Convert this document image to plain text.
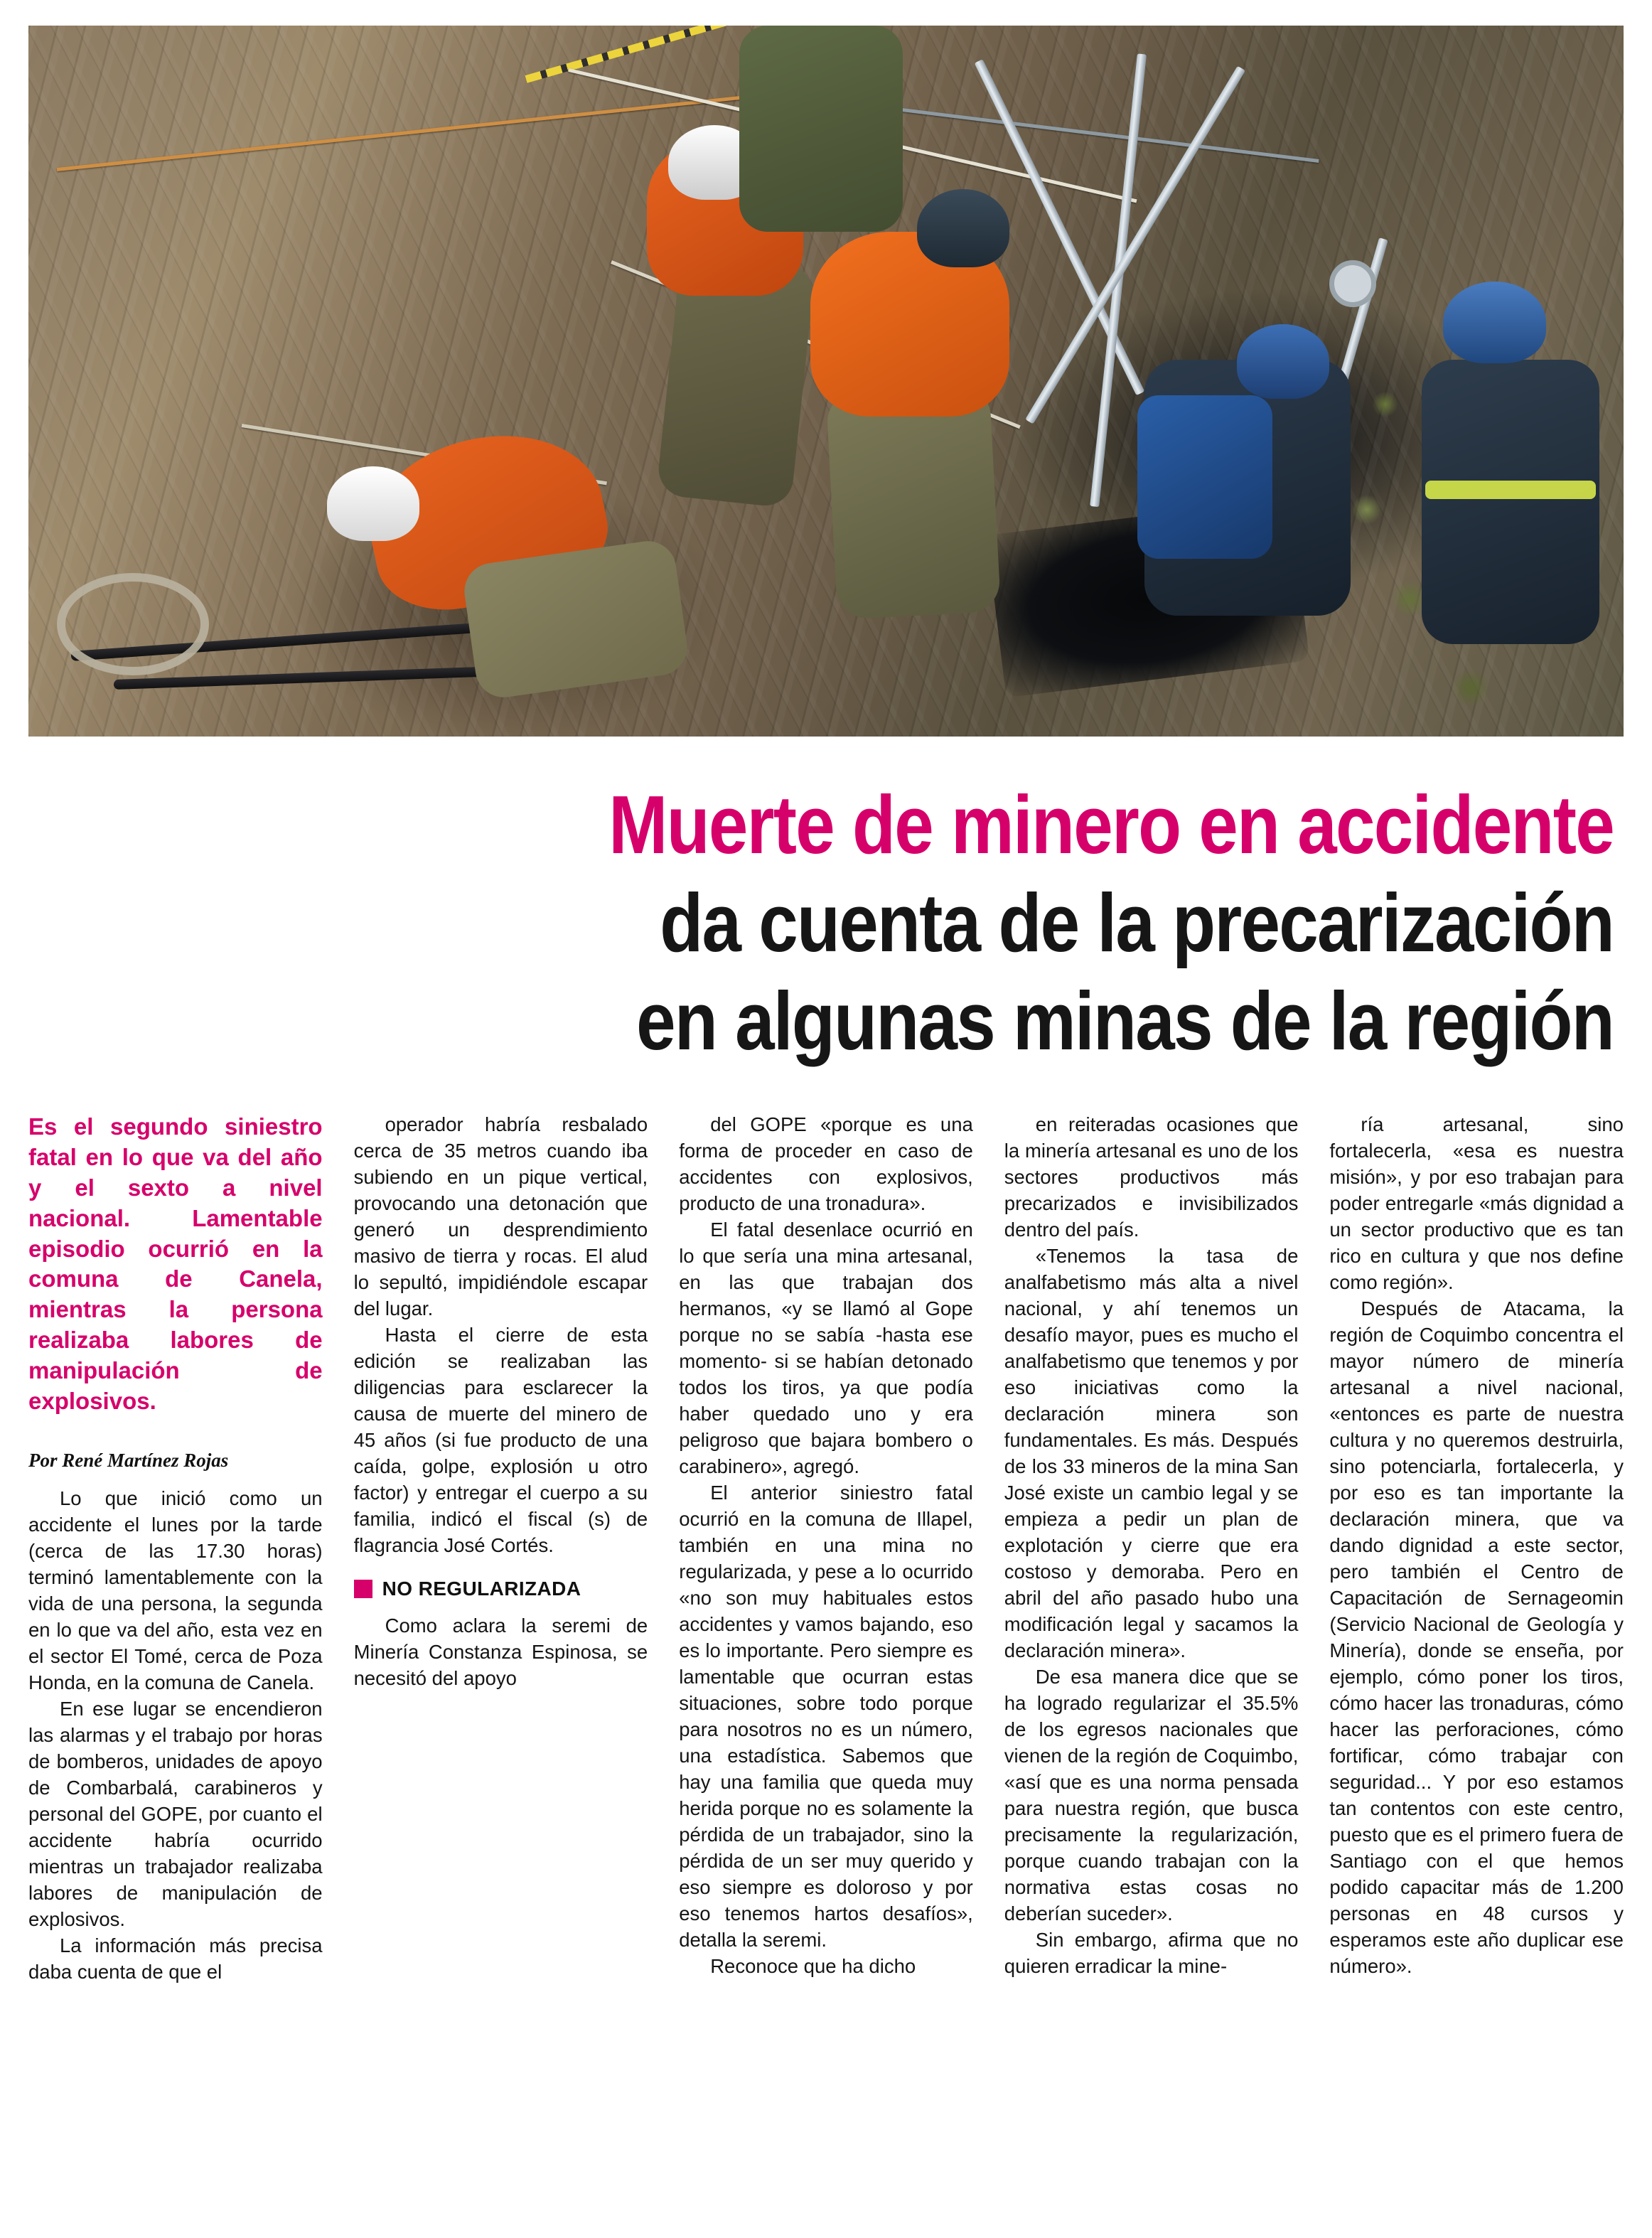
Muerte de minero en accidente
da cuenta de la precarización
en algunas minas de la región

Es el segundo siniestro fatal en lo que va del año y el sexto a nivel nacional. Lamentable episodio ocurrió en la comuna de Canela, mientras la persona realizaba labores de manipulación de explosivos.

Por René Martínez Rojas

Lo que inició como un accidente el lunes por la tarde (cerca de las 17.30 horas) terminó lamentablemente con la vida de una persona, la segunda en lo que va del año, esta vez en el sector El Tomé, cerca de Poza Honda, en la comuna de Canela.

En ese lugar se encendieron las alarmas y el trabajo por horas de bomberos, unidades de apoyo de Combarbalá, carabineros y personal del GOPE, por cuanto el accidente habría ocurrido mientras un trabajador realizaba labores de manipulación de explosivos.

La información más precisa daba cuenta de que el

operador habría resbalado cerca de 35 metros cuando iba subiendo en un pique vertical, provocando una detonación que generó un desprendimiento masivo de tierra y rocas. El alud lo sepultó, impidiéndole escapar del lugar.

Hasta el cierre de esta edición se realizaban las diligencias para esclarecer la causa de muerte del minero de 45 años (si fue producto de una caída, golpe, explosión u otro factor) y entregar el cuerpo a su familia, indicó el fiscal (s) de flagrancia José Cortés.

NO REGULARIZADA

Como aclara la seremi de Minería Constanza Espinosa, se necesitó del apoyo

del GOPE «porque es una forma de proceder en caso de accidentes con explosivos, producto de una tronadura».

El fatal desenlace ocurrió en lo que sería una mina artesanal, en las que trabajan dos hermanos, «y se llamó al Gope porque no se sabía -hasta ese momento- si se habían detonado todos los tiros, ya que podía haber quedado uno y era peligroso que bajara bombero o carabinero», agregó.

El anterior siniestro fatal ocurrió en la comuna de Illapel, también en una mina no regularizada, y pese a lo ocurrido «no son muy habituales estos accidentes y vamos bajando, eso es lo importante. Pero siempre es lamentable que ocurran estas situaciones, sobre todo porque para nosotros no es un número, una estadística. Sabemos que hay una familia que queda muy herida porque no es solamente la pérdida de un trabajador, sino la pérdida de un ser muy querido y eso siempre es doloroso y por eso tenemos hartos desafíos», detalla la seremi.

Reconoce que ha dicho

en reiteradas ocasiones que la minería artesanal es uno de los sectores productivos más precarizados e invisibilizados dentro del país.

«Tenemos la tasa de analfabetismo más alta a nivel nacional, y ahí tenemos un desafío mayor, pues es mucho el analfabetismo que tenemos y por eso iniciativas como la declaración minera son fundamentales. Es más. Después de los 33 mineros de la mina San José existe un cambio legal y se empieza a pedir un plan de explotación y cierre que era costoso y demoraba. Pero en abril del año pasado hubo una modificación legal y sacamos la declaración minera».

De esa manera dice que se ha logrado regularizar el 35.5% de los egresos nacionales que vienen de la región de Coquimbo, «así que es una norma pensada para nuestra región, que busca precisamente la regularización, porque cuando trabajan con la normativa estas cosas no deberían suceder».

Sin embargo, afirma que no quieren erradicar la mine-

ría artesanal, sino fortalecerla, «esa es nuestra misión», y por eso trabajan para poder entregarle «más dignidad a un sector productivo que es tan rico en cultura y que nos define como región».

Después de Atacama, la región de Coquimbo concentra el mayor número de minería artesanal a nivel nacional, «entonces es parte de nuestra cultura y no queremos destruirla, sino potenciarla, fortalecerla, y por eso es tan importante la declaración minera, que va dando dignidad a este sector, pero también el Centro de Capacitación de Sernageomin (Servicio Nacional de Geología y Minería), donde se enseña, por ejemplo, cómo poner los tiros, cómo hacer las tronaduras, cómo hacer las perforaciones, cómo fortificar, cómo trabajar con seguridad... Y por eso estamos tan contentos con este centro, puesto que es el primero fuera de Santiago con el que hemos podido capacitar más de 1.200 personas en 48 cursos y esperamos este año duplicar ese número».
